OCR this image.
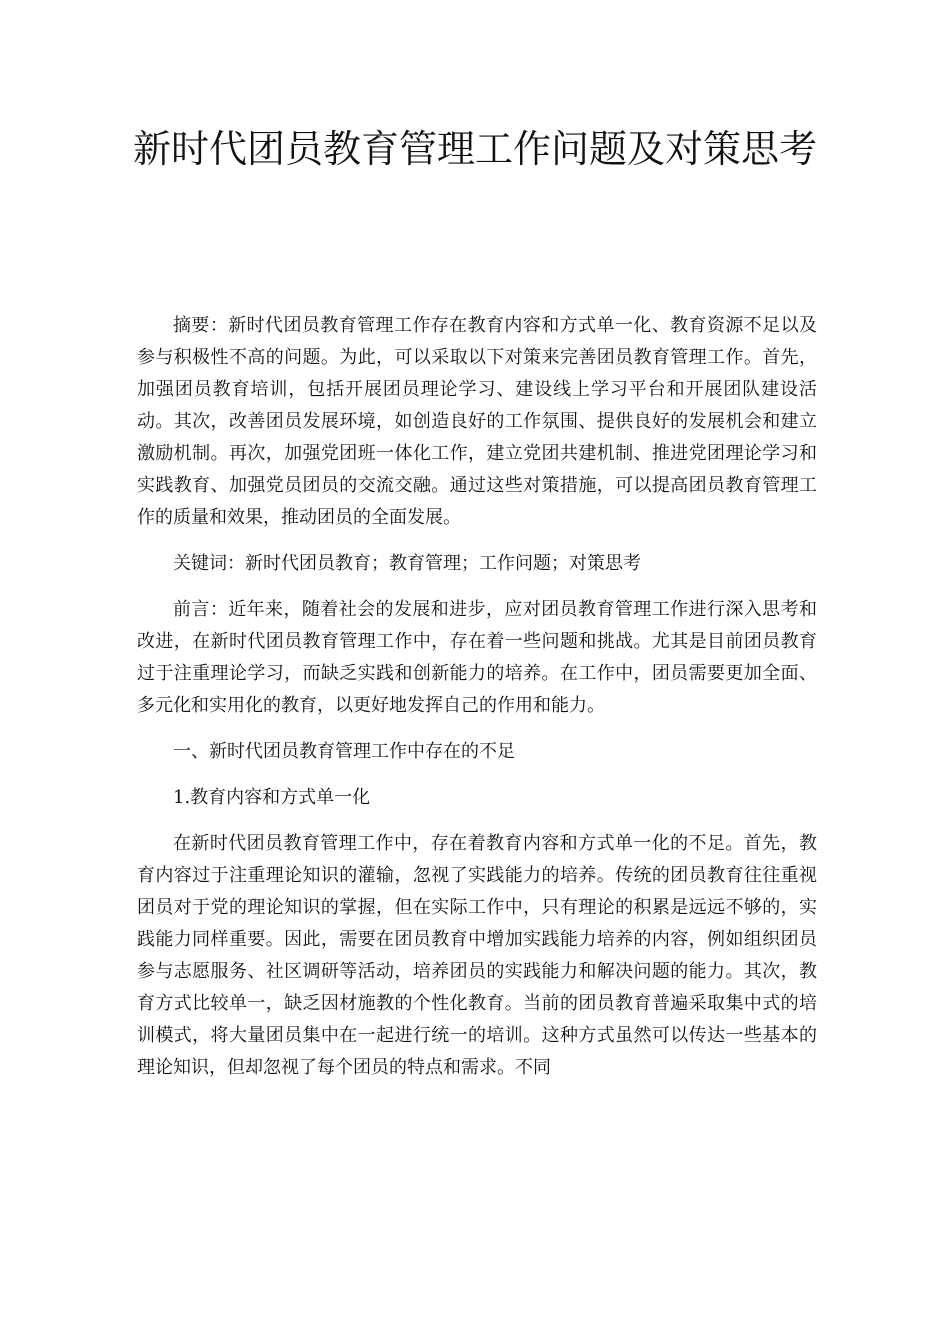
新时代团员教育管理工作问题及对策思考

摘要：新时代团员教育管理工作存在教育内容和方式单一化、教育资源不足以及参与积极性不高的问题。为此，可以采取以下对策来完善团员教育管理工作。首先，加强团员教育培训，包括开展团员理论学习、建设线上学习平台和开展团队建设活动。其次，改善团员发展环境，如创造良好的工作氛围、提供良好的发展机会和建立激励机制。再次，加强党团班一体化工作，建立党团共建机制、推进党团理论学习和实践教育、加强党员团员的交流交融。通过这些对策措施，可以提高团员教育管理工作的质量和效果，推动团员的全面发展。

关键词：新时代团员教育；教育管理；工作问题；对策思考

前言：近年来，随着社会的发展和进步，应对团员教育管理工作进行深入思考和改进，在新时代团员教育管理工作中，存在着一些问题和挑战。尤其是目前团员教育过于注重理论学习，而缺乏实践和创新能力的培养。在工作中，团员需要更加全面、多元化和实用化的教育，以更好地发挥自己的作用和能力。

一、新时代团员教育管理工作中存在的不足

1.教育内容和方式单一化

在新时代团员教育管理工作中，存在着教育内容和方式单一化的不足。首先，教育内容过于注重理论知识的灌输，忽视了实践能力的培养。传统的团员教育往往重视团员对于党的理论知识的掌握，但在实际工作中，只有理论的积累是远远不够的，实践能力同样重要。因此，需要在团员教育中增加实践能力培养的内容，例如组织团员参与志愿服务、社区调研等活动，培养团员的实践能力和解决问题的能力。其次，教育方式比较单一，缺乏因材施教的个性化教育。当前的团员教育普遍采取集中式的培训模式，将大量团员集中在一起进行统一的培训。这种方式虽然可以传达一些基本的理论知识，但却忽视了每个团员的特点和需求。不同
